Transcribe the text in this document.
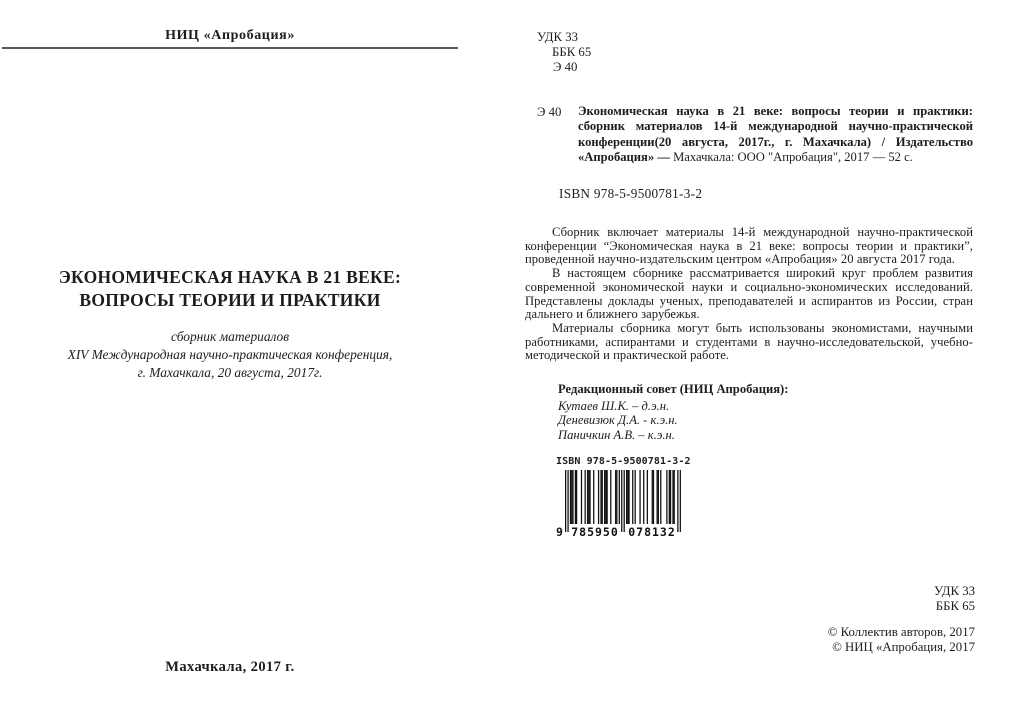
НИЦ «Апробация»
ЭКОНОМИЧЕСКАЯ НАУКА В 21 ВЕКЕ:
ВОПРОСЫ ТЕОРИИ И ПРАКТИКИ
сборник материалов
XIV Международная научно-практическая конференция,
г. Махачкала, 20 августа, 2017г.
Махачкала, 2017 г.
УДК 33
ББК 65
Э 40
Э 40 Экономическая наука в 21 веке: вопросы теории и практики: сборник материалов 14-й международной научно-практической конференции(20 августа, 2017г., г. Махачкала) / Издательство «Апробация» — Махачкала: ООО "Апробация", 2017 — 52 с.

ISBN 978-5-9500781-3-2

Сборник включает материалы 14-й международной научно-практической конференции “Экономическая наука в 21 веке: вопросы теории и практики”, проведенной научно-издательским центром «Апробация» 20 августа 2017 года.

В настоящем сборнике рассматривается широкий круг проблем развития современной экономической науки и социально-экономических исследований. Представлены доклады ученых, преподавателей и аспирантов из России, стран дальнего и ближнего зарубежья.

Материалы сборника могут быть использованы экономистами, научными работниками, аспирантами и студентами в научно-исследовательской, учебно-методической и практической работе.

Редакционный совет (НИЦ Апробация):
Кутаев Ш.К. – д.э.н.
Деневизюк Д.А. - к.э.н.
Паничкин А.В. – к.э.н.
ISBN 978-5-9500781-3-2
9 785950 078132
УДК 33
ББК 65
© Коллектив авторов, 2017
© НИЦ «Апробация, 2017
